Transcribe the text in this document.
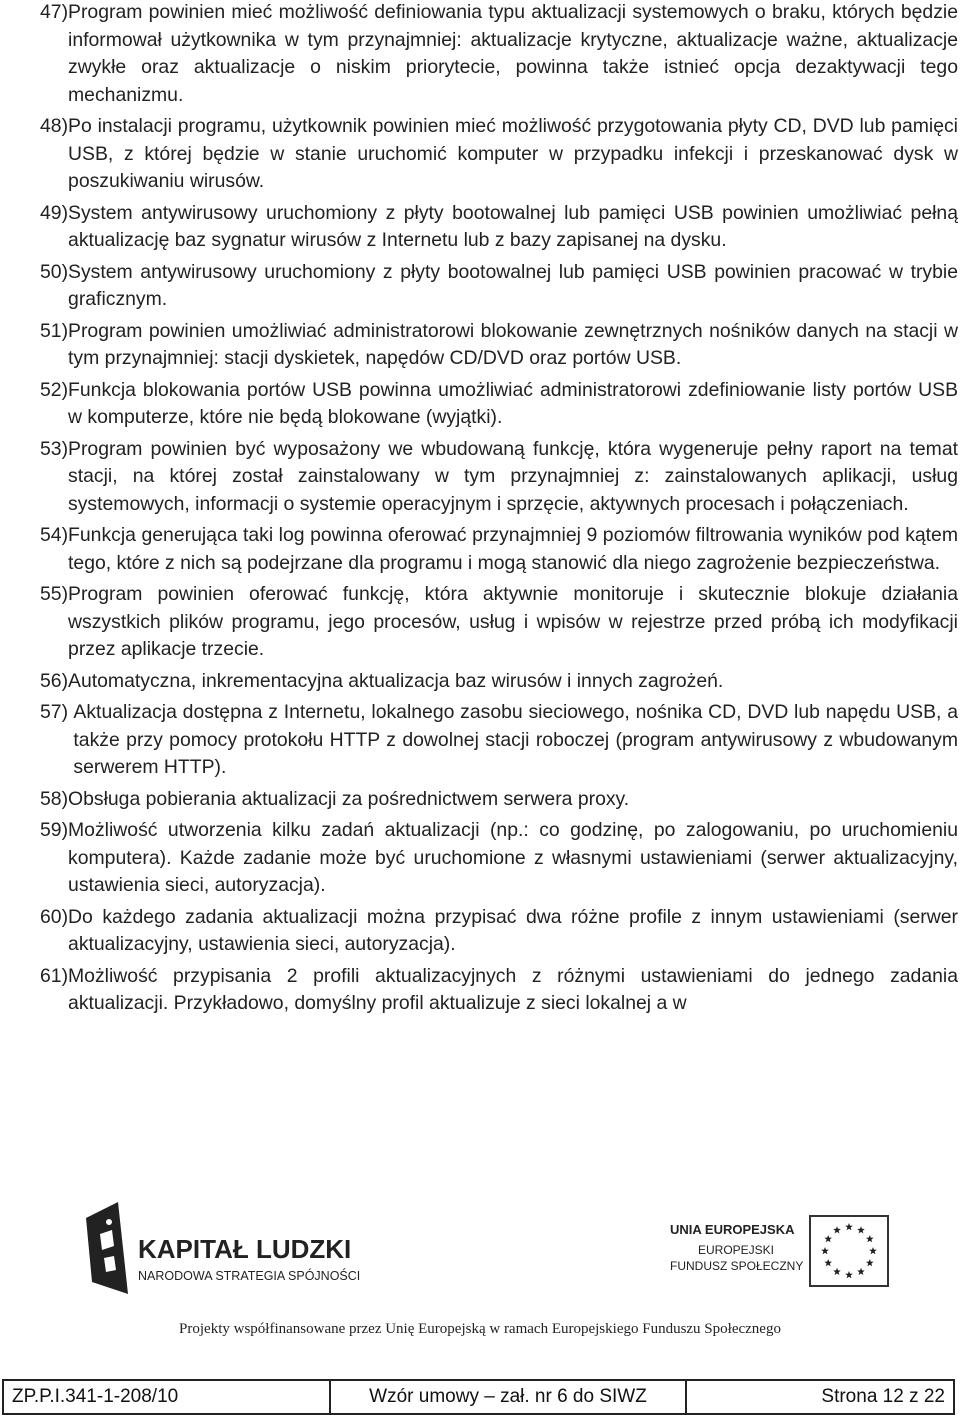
47) Program powinien mieć możliwość definiowania typu aktualizacji systemowych o braku, których będzie informował użytkownika w tym przynajmniej: aktualizacje krytyczne, aktualizacje ważne, aktualizacje zwykłe oraz aktualizacje o niskim priorytecie, powinna także istnieć opcja dezaktywacji tego mechanizmu.
48) Po instalacji programu, użytkownik powinien mieć możliwość przygotowania płyty CD, DVD lub pamięci USB, z której będzie w stanie uruchomić komputer w przypadku infekcji i przeskanować dysk w poszukiwaniu wirusów.
49) System antywirusowy uruchomiony z płyty bootowalnej lub pamięci USB powinien umożliwiać pełną aktualizację baz sygnatur wirusów z Internetu lub z bazy zapisanej na dysku.
50) System antywirusowy uruchomiony z płyty bootowalnej lub pamięci USB powinien pracować w trybie graficznym.
51) Program powinien umożliwiać administratorowi blokowanie zewnętrznych nośników danych na stacji w tym przynajmniej: stacji dyskietek, napędów CD/DVD oraz portów USB.
52) Funkcja blokowania portów USB powinna umożliwiać administratorowi zdefiniowanie listy portów USB w komputerze, które nie będą blokowane (wyjątki).
53) Program powinien być wyposażony we wbudowaną funkcję, która wygeneruje pełny raport na temat stacji, na której został zainstalowany w tym przynajmniej z: zainstalowanych aplikacji, usług systemowych, informacji o systemie operacyjnym i sprzęcie, aktywnych procesach i połączeniach.
54) Funkcja generująca taki log powinna oferować przynajmniej 9 poziomów filtrowania wyników pod kątem tego, które z nich są podejrzane dla programu i mogą stanowić dla niego zagrożenie bezpieczeństwa.
55) Program powinien oferować funkcję, która aktywnie monitoruje i skutecznie blokuje działania wszystkich plików programu, jego procesów, usług i wpisów w rejestrze przed próbą ich modyfikacji przez aplikacje trzecie.
56) Automatyczna, inkrementacyjna aktualizacja baz wirusów i innych zagrożeń.
57) Aktualizacja dostępna z Internetu, lokalnego zasobu sieciowego, nośnika CD, DVD lub napędu USB, a także przy pomocy protokołu HTTP z dowolnej stacji roboczej (program antywirusowy z wbudowanym serwerem HTTP).
58) Obsługa pobierania aktualizacji za pośrednictwem serwera proxy.
59) Możliwość utworzenia kilku zadań aktualizacji (np.: co godzinę, po zalogowaniu, po uruchomieniu komputera). Każde zadanie może być uruchomione z własnymi ustawieniami (serwer aktualizacyjny, ustawienia sieci, autoryzacja).
60) Do każdego zadania aktualizacji można przypisać dwa różne profile z innym ustawieniami (serwer aktualizacyjny, ustawienia sieci, autoryzacja).
61) Możliwość przypisania 2 profili aktualizacyjnych z różnymi ustawieniami do jednego zadania aktualizacji. Przykładowo, domyślny profil aktualizuje z sieci lokalnej a w
KAPITAŁ LUDZKI
NARODOWA STRATEGIA SPÓJNOŚCI
UNIA EUROPEJSKA
EUROPEJSKI
FUNDUSZ SPOŁECZNY
Projekty współfinansowane przez Unię Europejską w ramach Europejskiego Funduszu Społecznego
ZP.P.I.341-1-208/10	Wzór umowy – zał. nr 6 do SIWZ	Strona 12 z 22
